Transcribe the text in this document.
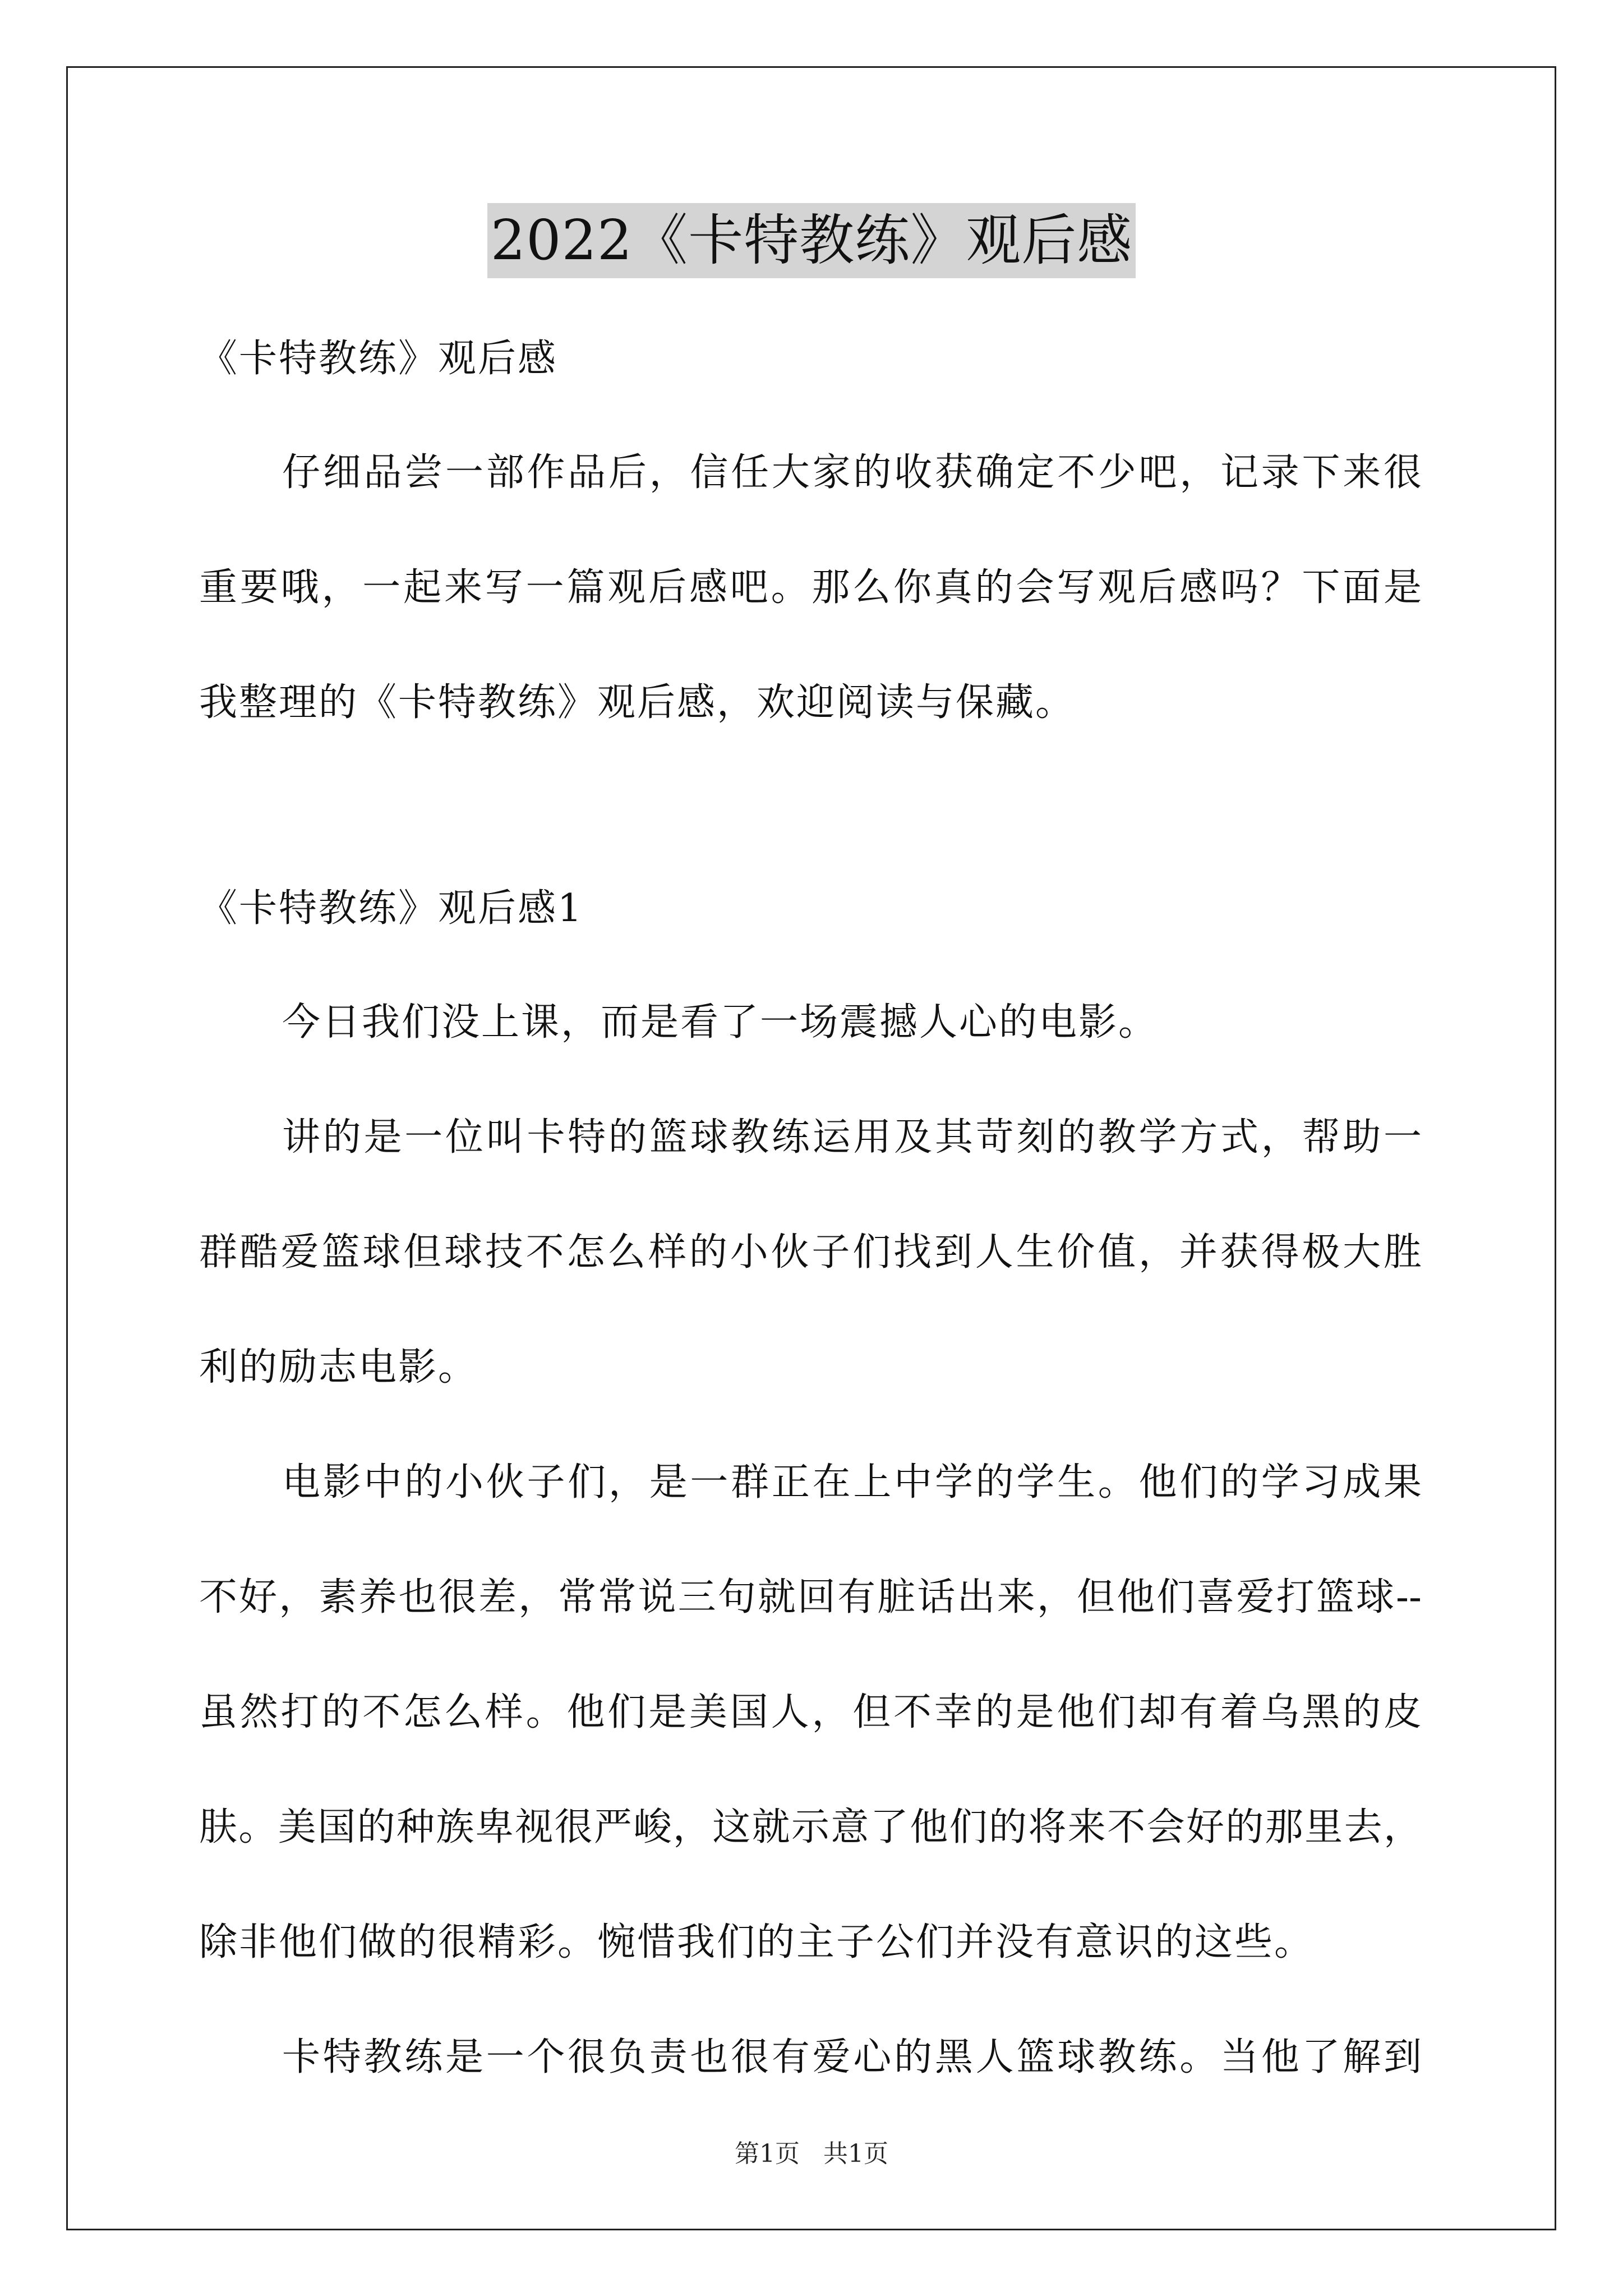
2022《卡特教练》观后感
《卡特教练》观后感
仔细品尝一部作品后，信任大家的收获确定不少吧，记录下来很
重要哦，一起来写一篇观后感吧。那么你真的会写观后感吗？下面是
我整理的《卡特教练》观后感，欢迎阅读与保藏。
《卡特教练》观后感1
今日我们没上课，而是看了一场震撼人心的电影。
讲的是一位叫卡特的篮球教练运用及其苛刻的教学方式，帮助一
群酷爱篮球但球技不怎么样的小伙子们找到人生价值，并获得极大胜
利的励志电影。
电影中的小伙子们，是一群正在上中学的学生。他们的学习成果
不好，素养也很差，常常说三句就回有脏话出来，但他们喜爱打篮球--
虽然打的不怎么样。他们是美国人，但不幸的是他们却有着乌黑的皮
肤。美国的种族卑视很严峻，这就示意了他们的将来不会好的那里去，
除非他们做的很精彩。惋惜我们的主子公们并没有意识的这些。
卡特教练是一个很负责也很有爱心的黑人篮球教练。当他了解到
第1页 共1页
